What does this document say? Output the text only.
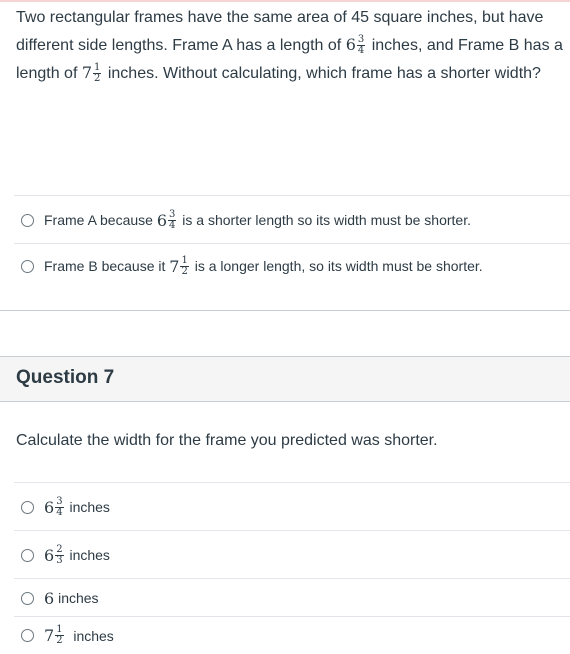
Two rectangular frames have the same area of 45 square inches, but have different side lengths. Frame A has a length of $6 \frac{3}{4}$ inches, and Frame B has a length of $7 \frac{1}{2}$ inches. Without calculating, which frame has a shorter width?
Frame A because $6 \frac{3}{4}$ is a shorter length so its width must be shorter.
Frame B because it $7 \frac{1}{2}$ is a longer length, so its width must be shorter.
Question 7
Calculate the width for the frame you predicted was shorter.
$6 \frac{3}{4}$ inches
$6 \frac{2}{3}$ inches
6 inches
$7 \frac{1}{2}$ inches
